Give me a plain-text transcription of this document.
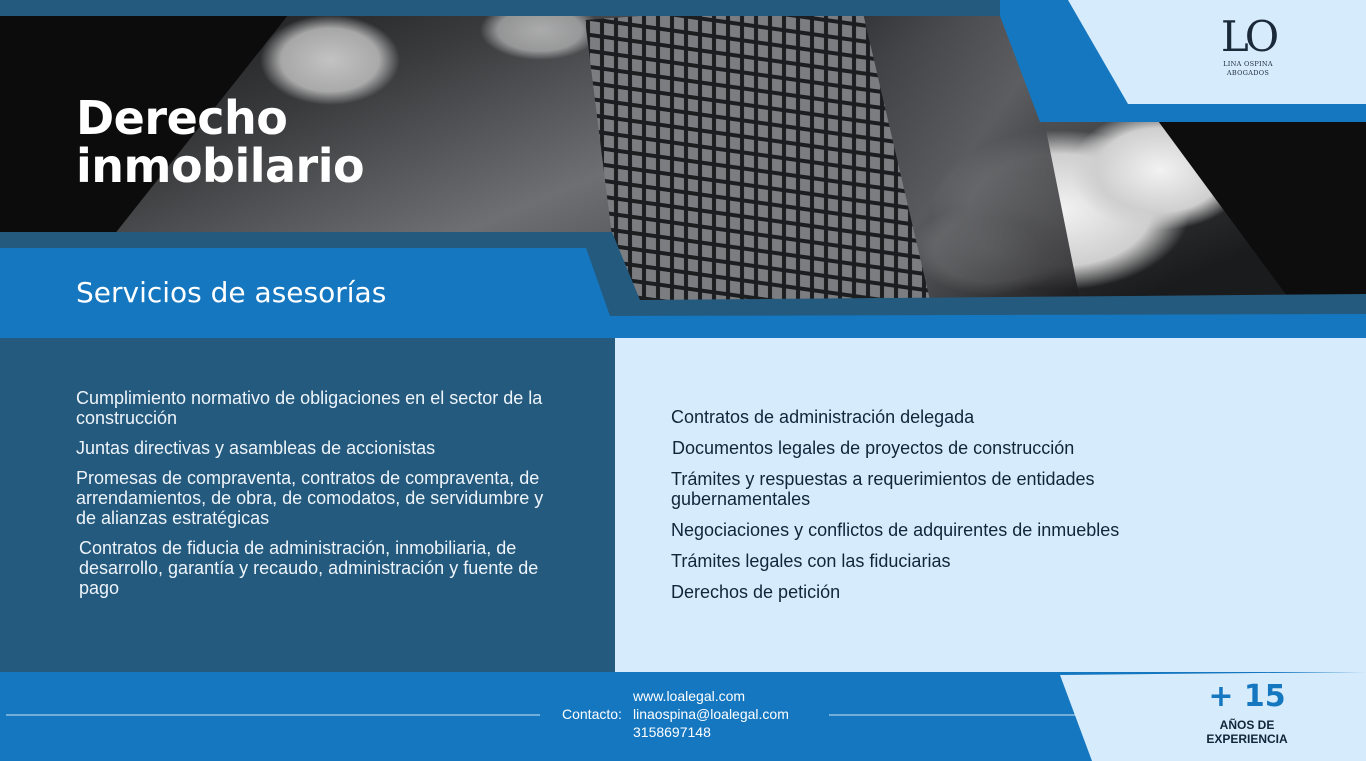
Derecho
inmobilario
Servicios de asesorías
LO
LINA OSPINA
ABOGADOS
Cumplimiento normativo de obligaciones en el sector de la construcción
Juntas directivas y asambleas de accionistas
Promesas de compraventa, contratos de compraventa, de arrendamientos, de obra, de comodatos, de servidumbre y de alianzas estratégicas
Contratos de fiducia de administración, inmobiliaria, de desarrollo, garantía y recaudo, administración y fuente de pago
Contratos de administración delegada
Documentos legales de proyectos de construcción
Trámites y respuestas a requerimientos de entidades gubernamentales
Negociaciones y conflictos de adquirentes de inmuebles
Trámites legales con las fiduciarias
Derechos de petición
Contacto:
www.loalegal.com
linaospina@loalegal.com
3158697148
+ 15
AÑOS DE EXPERIENCIA
